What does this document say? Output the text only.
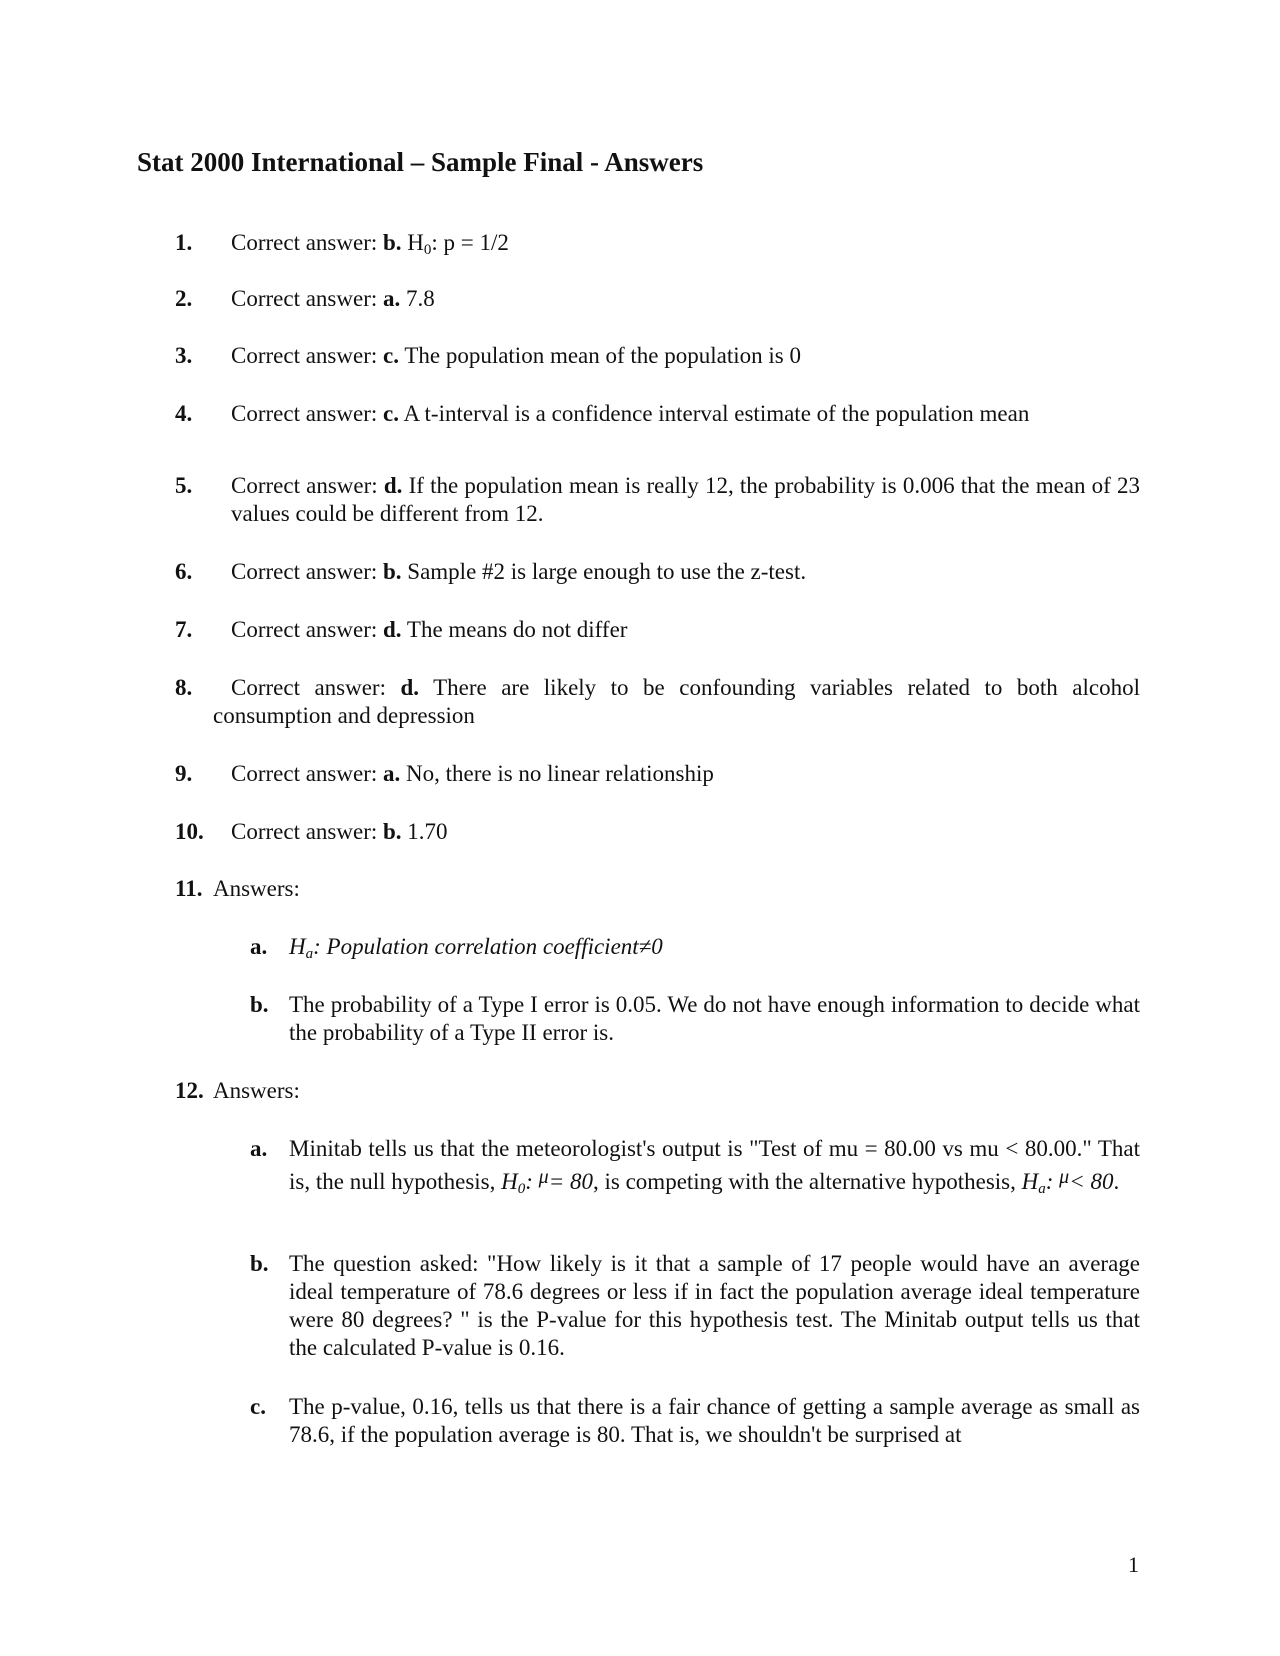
Stat 2000 International – Sample Final - Answers
1. Correct answer: b. $H_0$: p = 1/2
2. Correct answer: a. 7.8
3. Correct answer: c. The population mean of the population is 0
4. Correct answer: c. A t-interval is a confidence interval estimate of the population mean
5. Correct answer: d. If the population mean is really 12, the probability is 0.006 that the mean of 23 values could be different from 12.
6. Correct answer: b. Sample #2 is large enough to use the z-test.
7. Correct answer: d. The means do not differ
8.	Correct answer: d. There are likely to be confounding variables related to both alcohol consumption and depression
9. Correct answer: a. No, there is no linear relationship
10. Correct answer: b. 1.70
11. Answers:
a. $H_a$: Population correlation coefficient≠0
b. The probability of a Type I error is 0.05. We do not have enough information to decide what the probability of a Type II error is.
12. Answers:
a. Minitab tells us that the meteorologist's output is "Test of mu = 80.00 vs mu < 80.00." That is, the null hypothesis, $H_0$: μ= 80, is competing with the alternative hypothesis, $H_a$: μ< 80.
b. The question asked: "How likely is it that a sample of 17 people would have an average ideal temperature of 78.6 degrees or less if in fact the population average ideal temperature were 80 degrees? " is the P-value for this hypothesis test. The Minitab output tells us that the calculated P-value is 0.16.
c. The p-value, 0.16, tells us that there is a fair chance of getting a sample average as small as 78.6, if the population average is 80. That is, we shouldn't be surprised at
1
